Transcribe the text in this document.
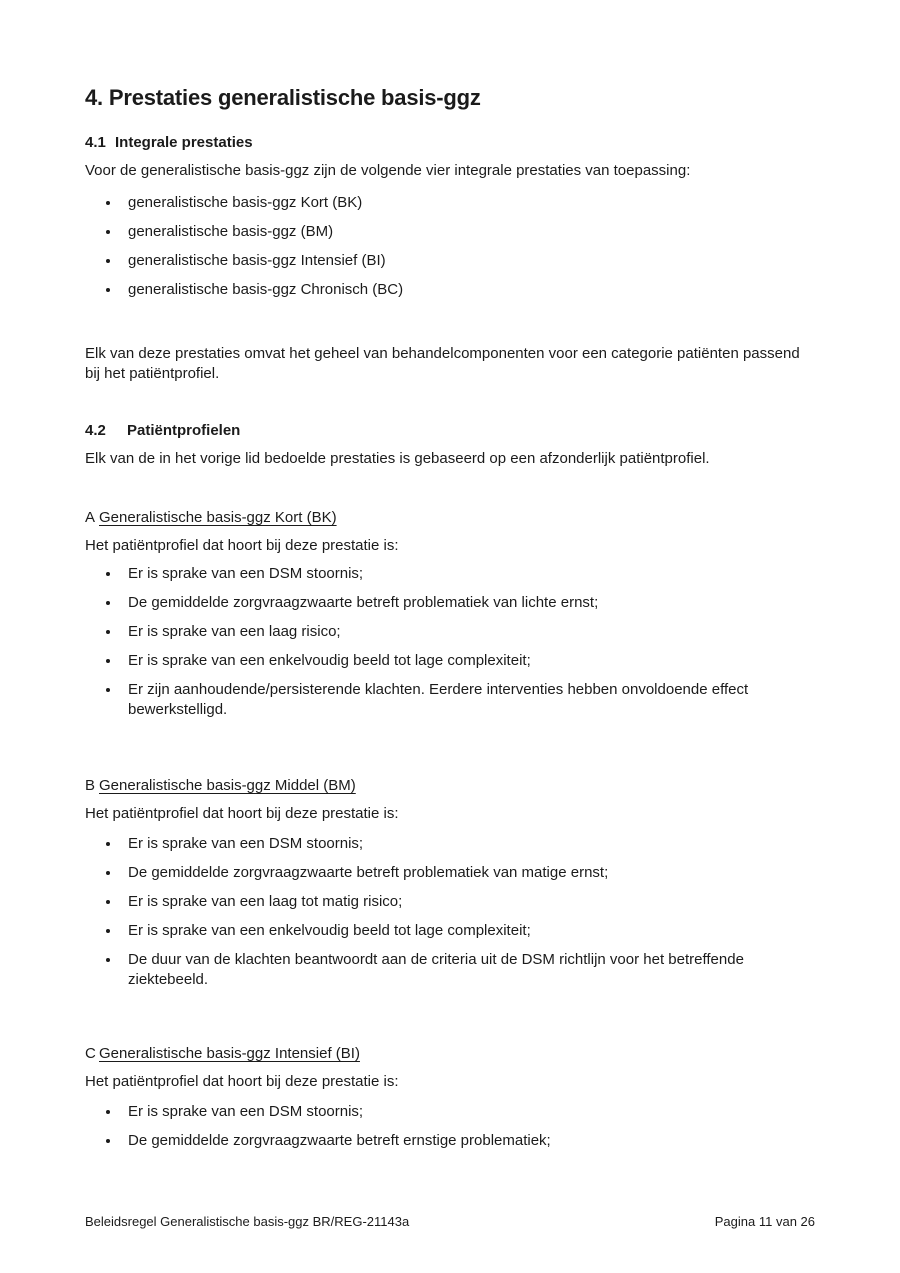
4. Prestaties generalistische basis-ggz
4.1 Integrale prestaties

Voor de generalistische basis-ggz zijn de volgende vier integrale prestaties van toepassing:

generalistische basis-ggz Kort (BK)
generalistische basis-ggz (BM)
generalistische basis-ggz Intensief (BI)
generalistische basis-ggz Chronisch (BC)

Elk van deze prestaties omvat het geheel van behandelcomponenten voor een categorie patiënten passend bij het patiëntprofiel.

4.2 Patiëntprofielen

Elk van de in het vorige lid bedoelde prestaties is gebaseerd op een afzonderlijk patiëntprofiel.

A Generalistische basis-ggz Kort (BK)

Het patiëntprofiel dat hoort bij deze prestatie is:

Er is sprake van een DSM stoornis;
De gemiddelde zorgvraagzwaarte betreft problematiek van lichte ernst;
Er is sprake van een laag risico;
Er is sprake van een enkelvoudig beeld tot lage complexiteit;
Er zijn aanhoudende/persisterende klachten. Eerdere interventies hebben onvoldoende effect bewerkstelligd.
B Generalistische basis-ggz Middel (BM)

Het patiëntprofiel dat hoort bij deze prestatie is:

Er is sprake van een DSM stoornis;
De gemiddelde zorgvraagzwaarte betreft problematiek van matige ernst;
Er is sprake van een laag tot matig risico;
Er is sprake van een enkelvoudig beeld tot lage complexiteit;
De duur van de klachten beantwoordt aan de criteria uit de DSM richtlijn voor het betreffende ziektebeeld.
C Generalistische basis-ggz Intensief (BI)

Het patiëntprofiel dat hoort bij deze prestatie is:

Er is sprake van een DSM stoornis;
De gemiddelde zorgvraagzwaarte betreft ernstige problematiek;
Beleidsregel Generalistische basis-ggz BR/REG-21143a	Pagina 11 van 26
